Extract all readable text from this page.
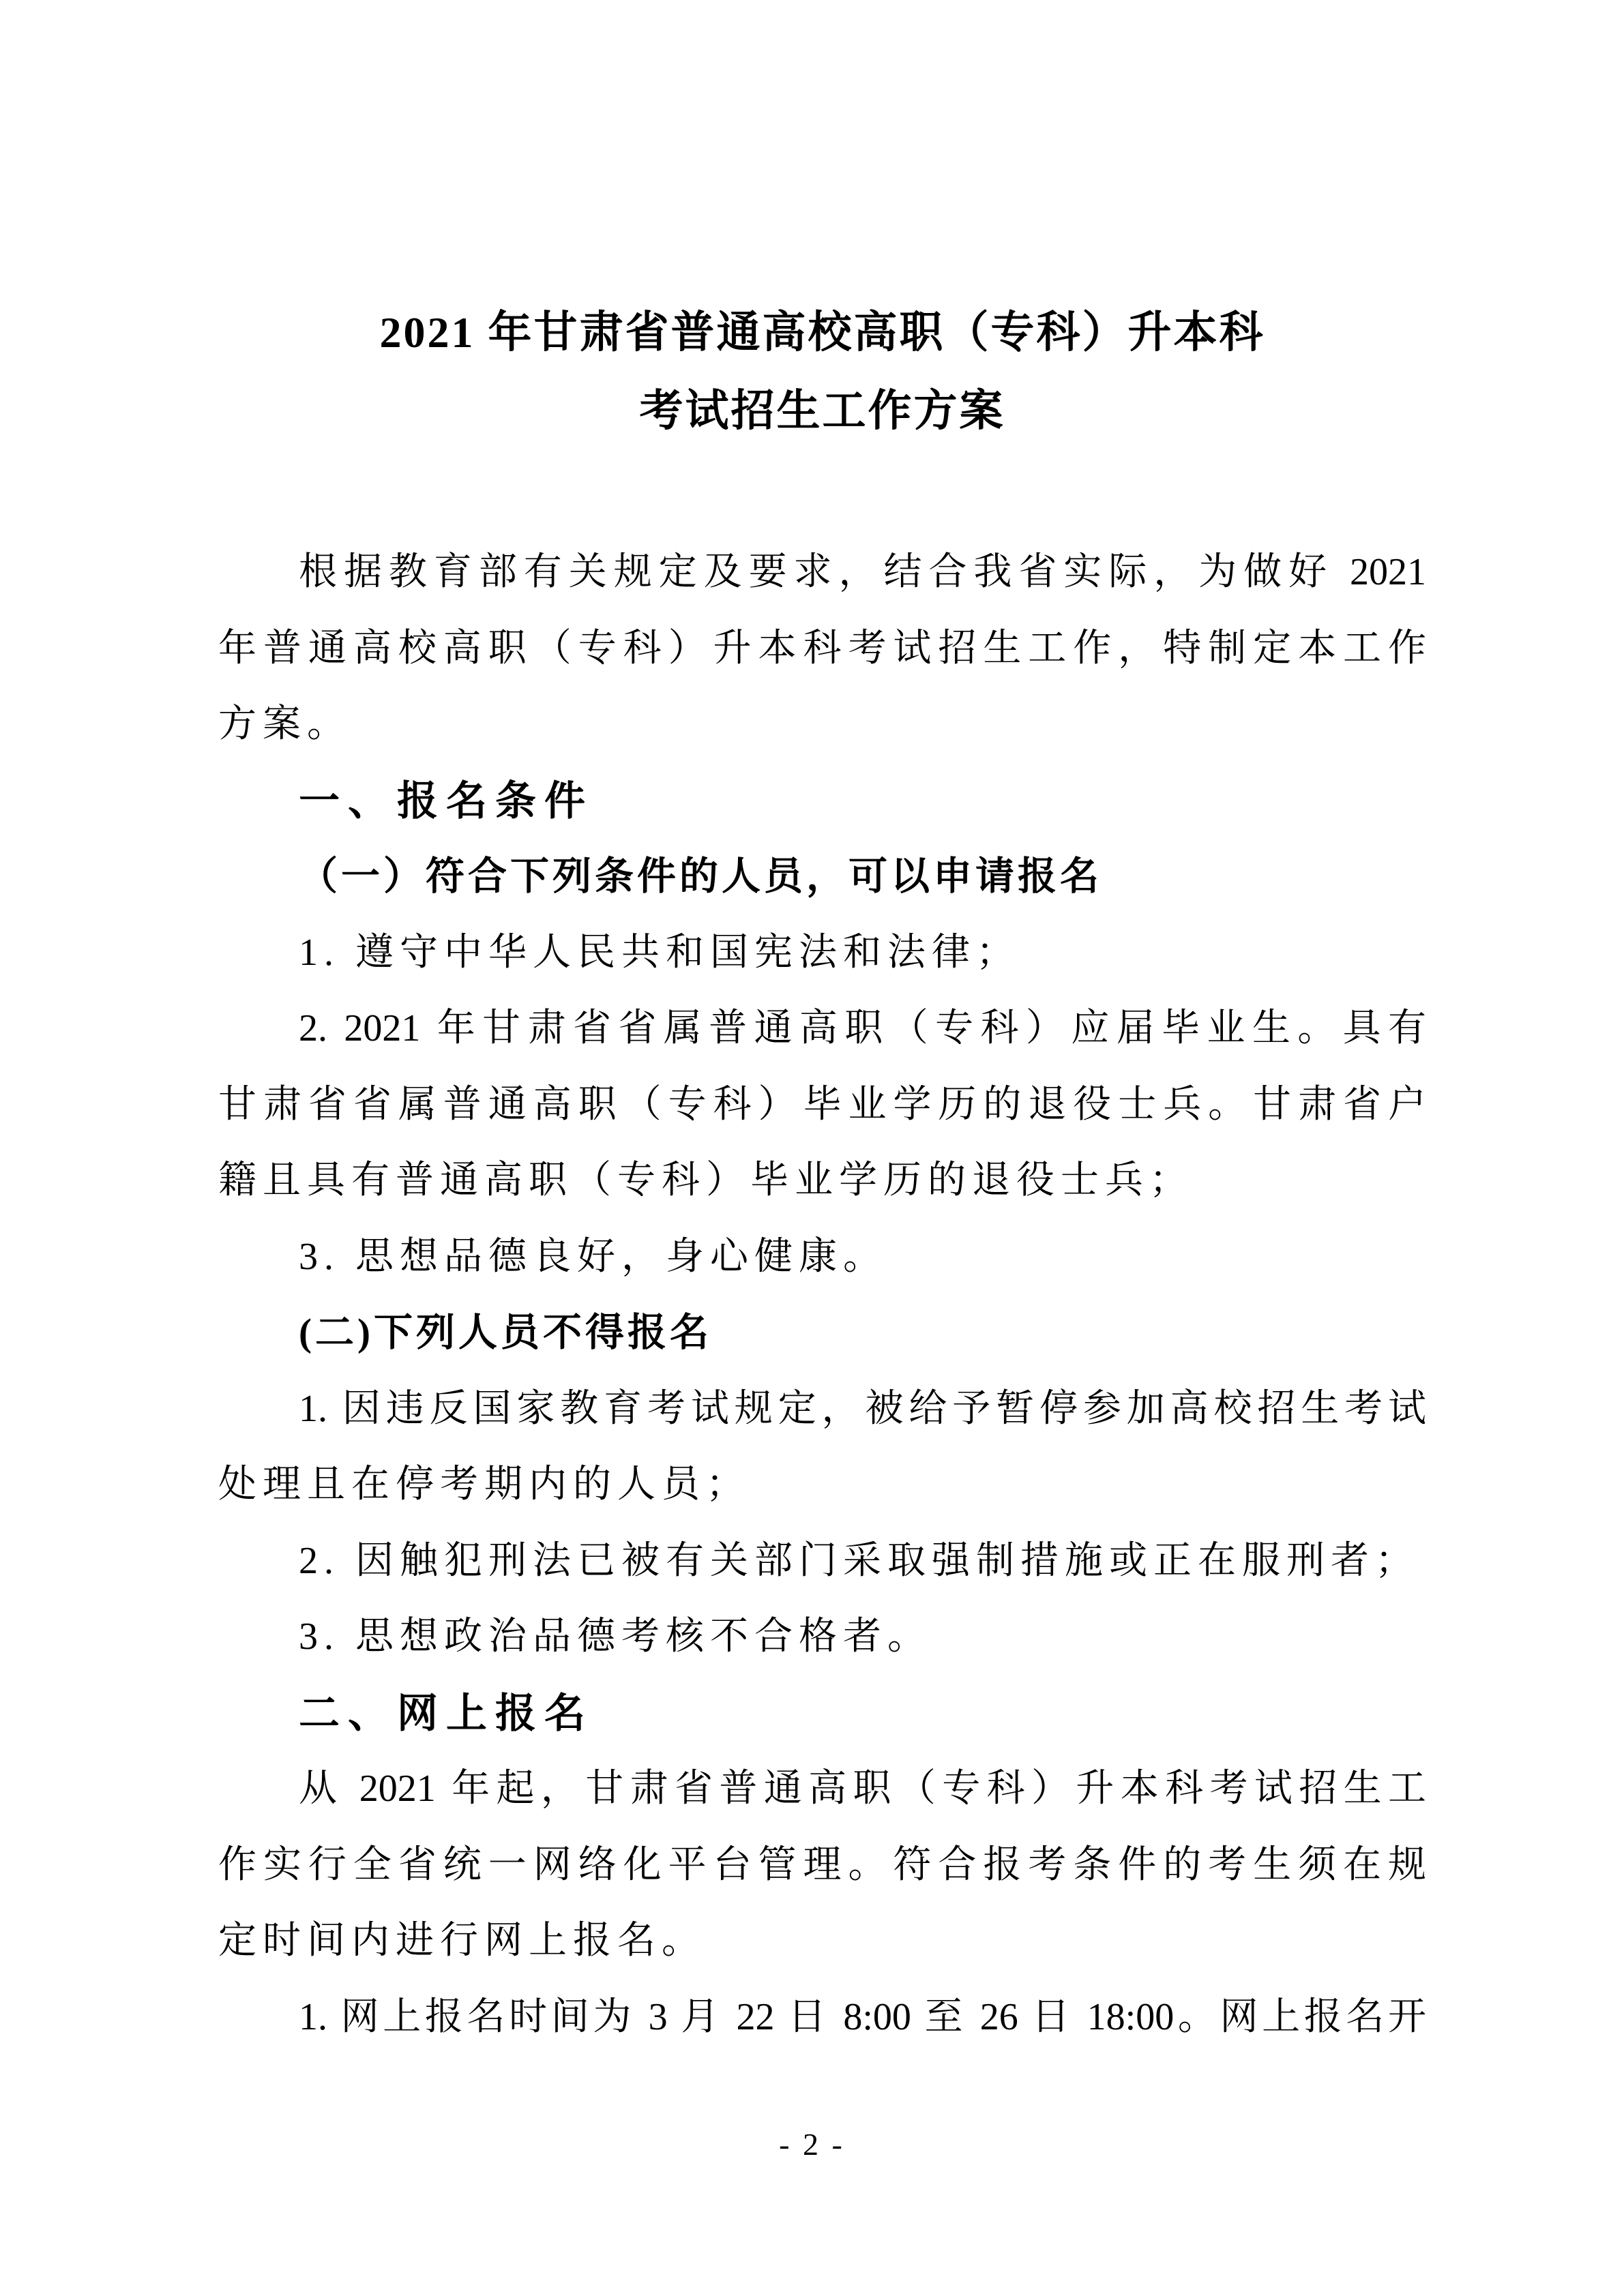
2021 年甘肃省普通高校高职（专科）升本科
考试招生工作方案
根据教育部有关规定及要求，结合我省实际，为做好 2021
年普通高校高职（专科）升本科考试招生工作，特制定本工作
方案。
一、报名条件
（一）符合下列条件的人员，可以申请报名
1. 遵守中华人民共和国宪法和法律；
2. 2021 年甘肃省省属普通高职（专科）应届毕业生。具有
甘肃省省属普通高职（专科）毕业学历的退役士兵。甘肃省户
籍且具有普通高职（专科）毕业学历的退役士兵；
3. 思想品德良好，身心健康。
(二)下列人员不得报名
1. 因违反国家教育考试规定，被给予暂停参加高校招生考试
处理且在停考期内的人员；
2. 因触犯刑法已被有关部门采取强制措施或正在服刑者；
3. 思想政治品德考核不合格者。
二、网上报名
从 2021 年起，甘肃省普通高职（专科）升本科考试招生工
作实行全省统一网络化平台管理。符合报考条件的考生须在规
定时间内进行网上报名。
1. 网上报名时间为 3 月 22 日 8:00 至 26 日 18:00。网上报名开
- 2 -
